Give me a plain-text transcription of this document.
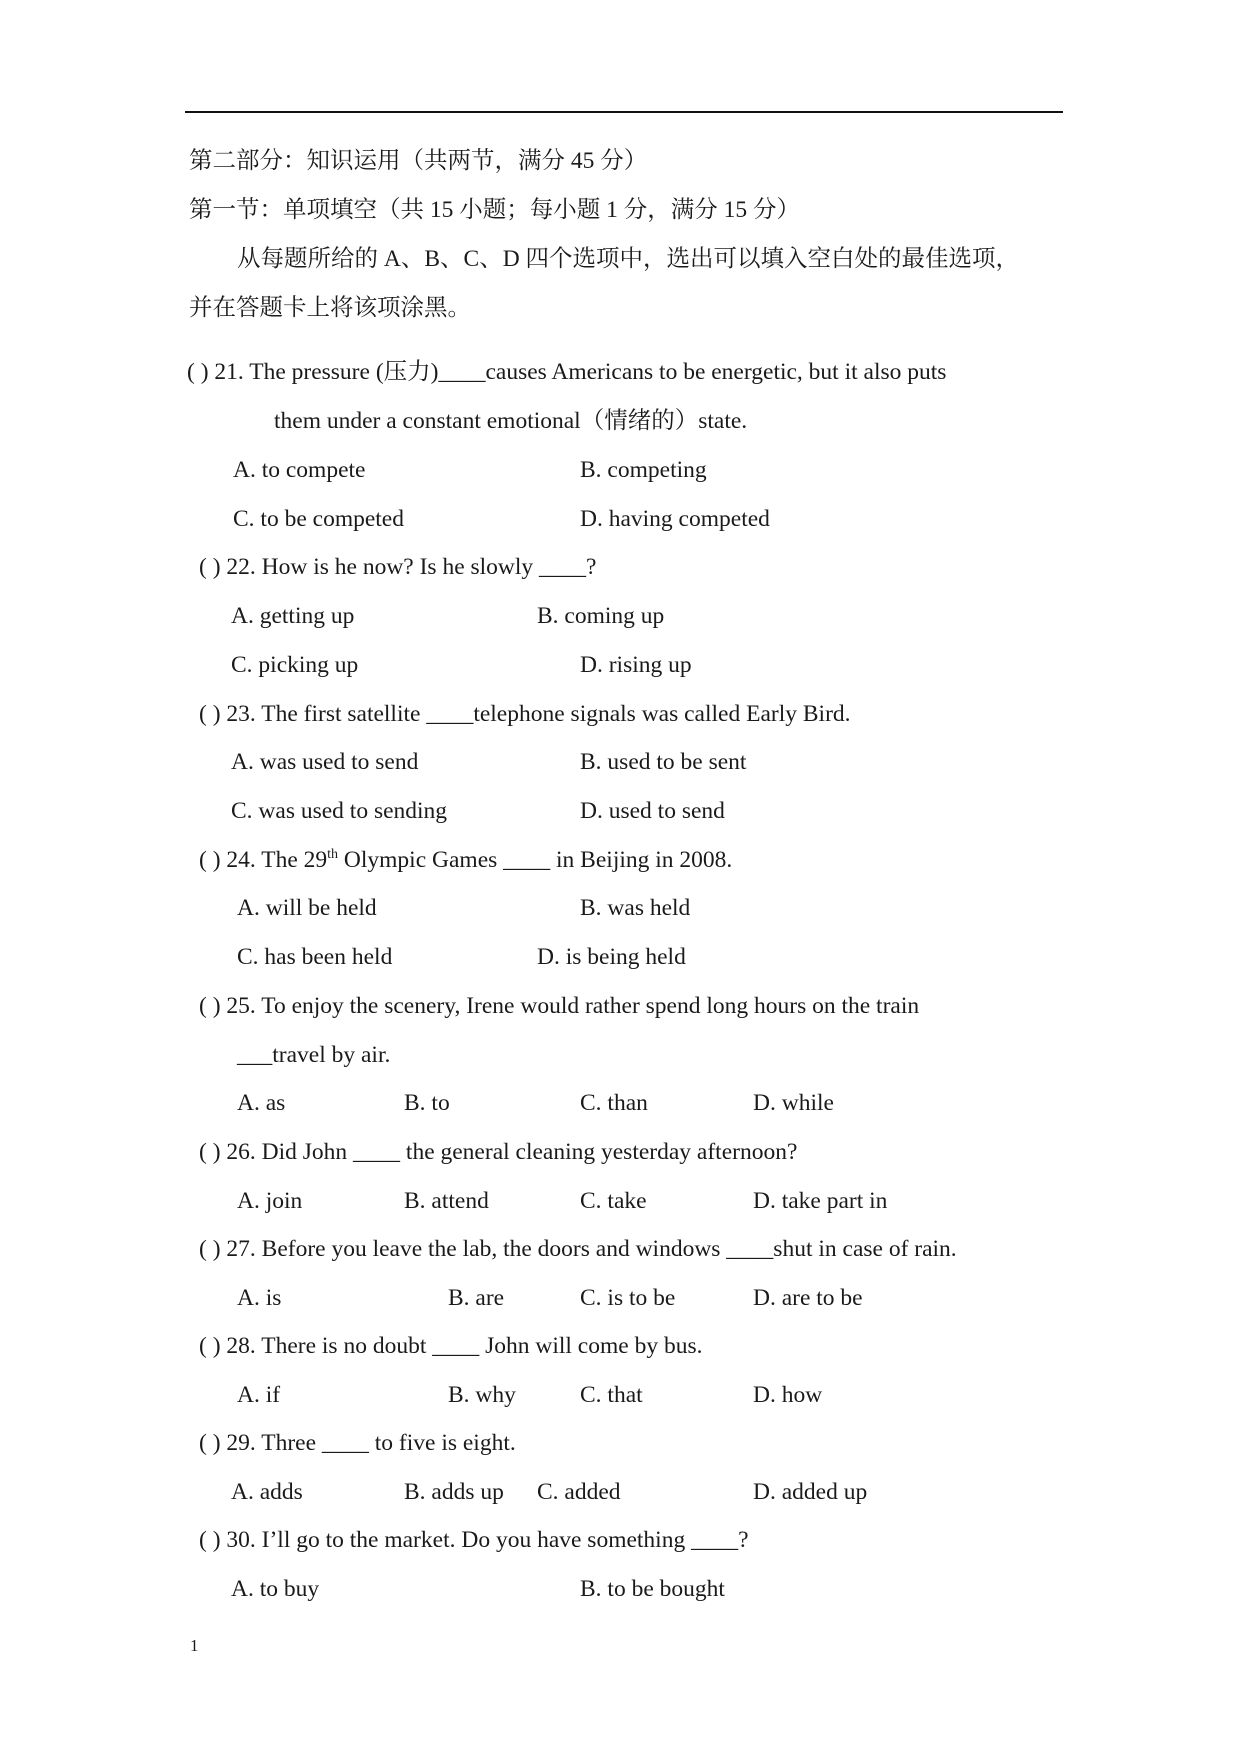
第二部分：知识运用（共两节，满分 45 分）
第一节：单项填空（共 15 小题；每小题 1 分，满分 15 分）
从每题所给的 A、B、C、D 四个选项中，选出可以填入空白处的最佳选项，
并在答题卡上将该项涂黑。
( ) 21. The pressure (压力)____causes Americans to be energetic, but it also puts
them under a constant emotional（情绪的）state.
A. to compete	B. competing
C. to be competed	D. having competed
( ) 22. How is he now? Is he slowly ____?
A. getting up	B. coming up
C. picking up	D. rising up
( ) 23. The first satellite ____telephone signals was called Early Bird.
A. was used to send	B. used to be sent
C. was used to sending	D. used to send
( ) 24. The 29th Olympic Games ____ in Beijing in 2008.
A. will be held	B. was held
C. has been held	D. is being held
( ) 25. To enjoy the scenery, Irene would rather spend long hours on the train
___travel by air.
A. as	B. to	C. than	D. while
( ) 26. Did John ____ the general cleaning yesterday afternoon?
A. join	B. attend	C. take	D. take part in
( ) 27. Before you leave the lab, the doors and windows ____shut in case of rain.
A. is	B. are	C. is to be	D. are to be
( ) 28. There is no doubt ____ John will come by bus.
A. if	B. why	C. that	D. how
( ) 29. Three ____ to five is eight.
A. adds	B. adds up C. added	D. added up
( ) 30. I’ll go to the market. Do you have something ____?
A. to buy	B. to be bought
1
